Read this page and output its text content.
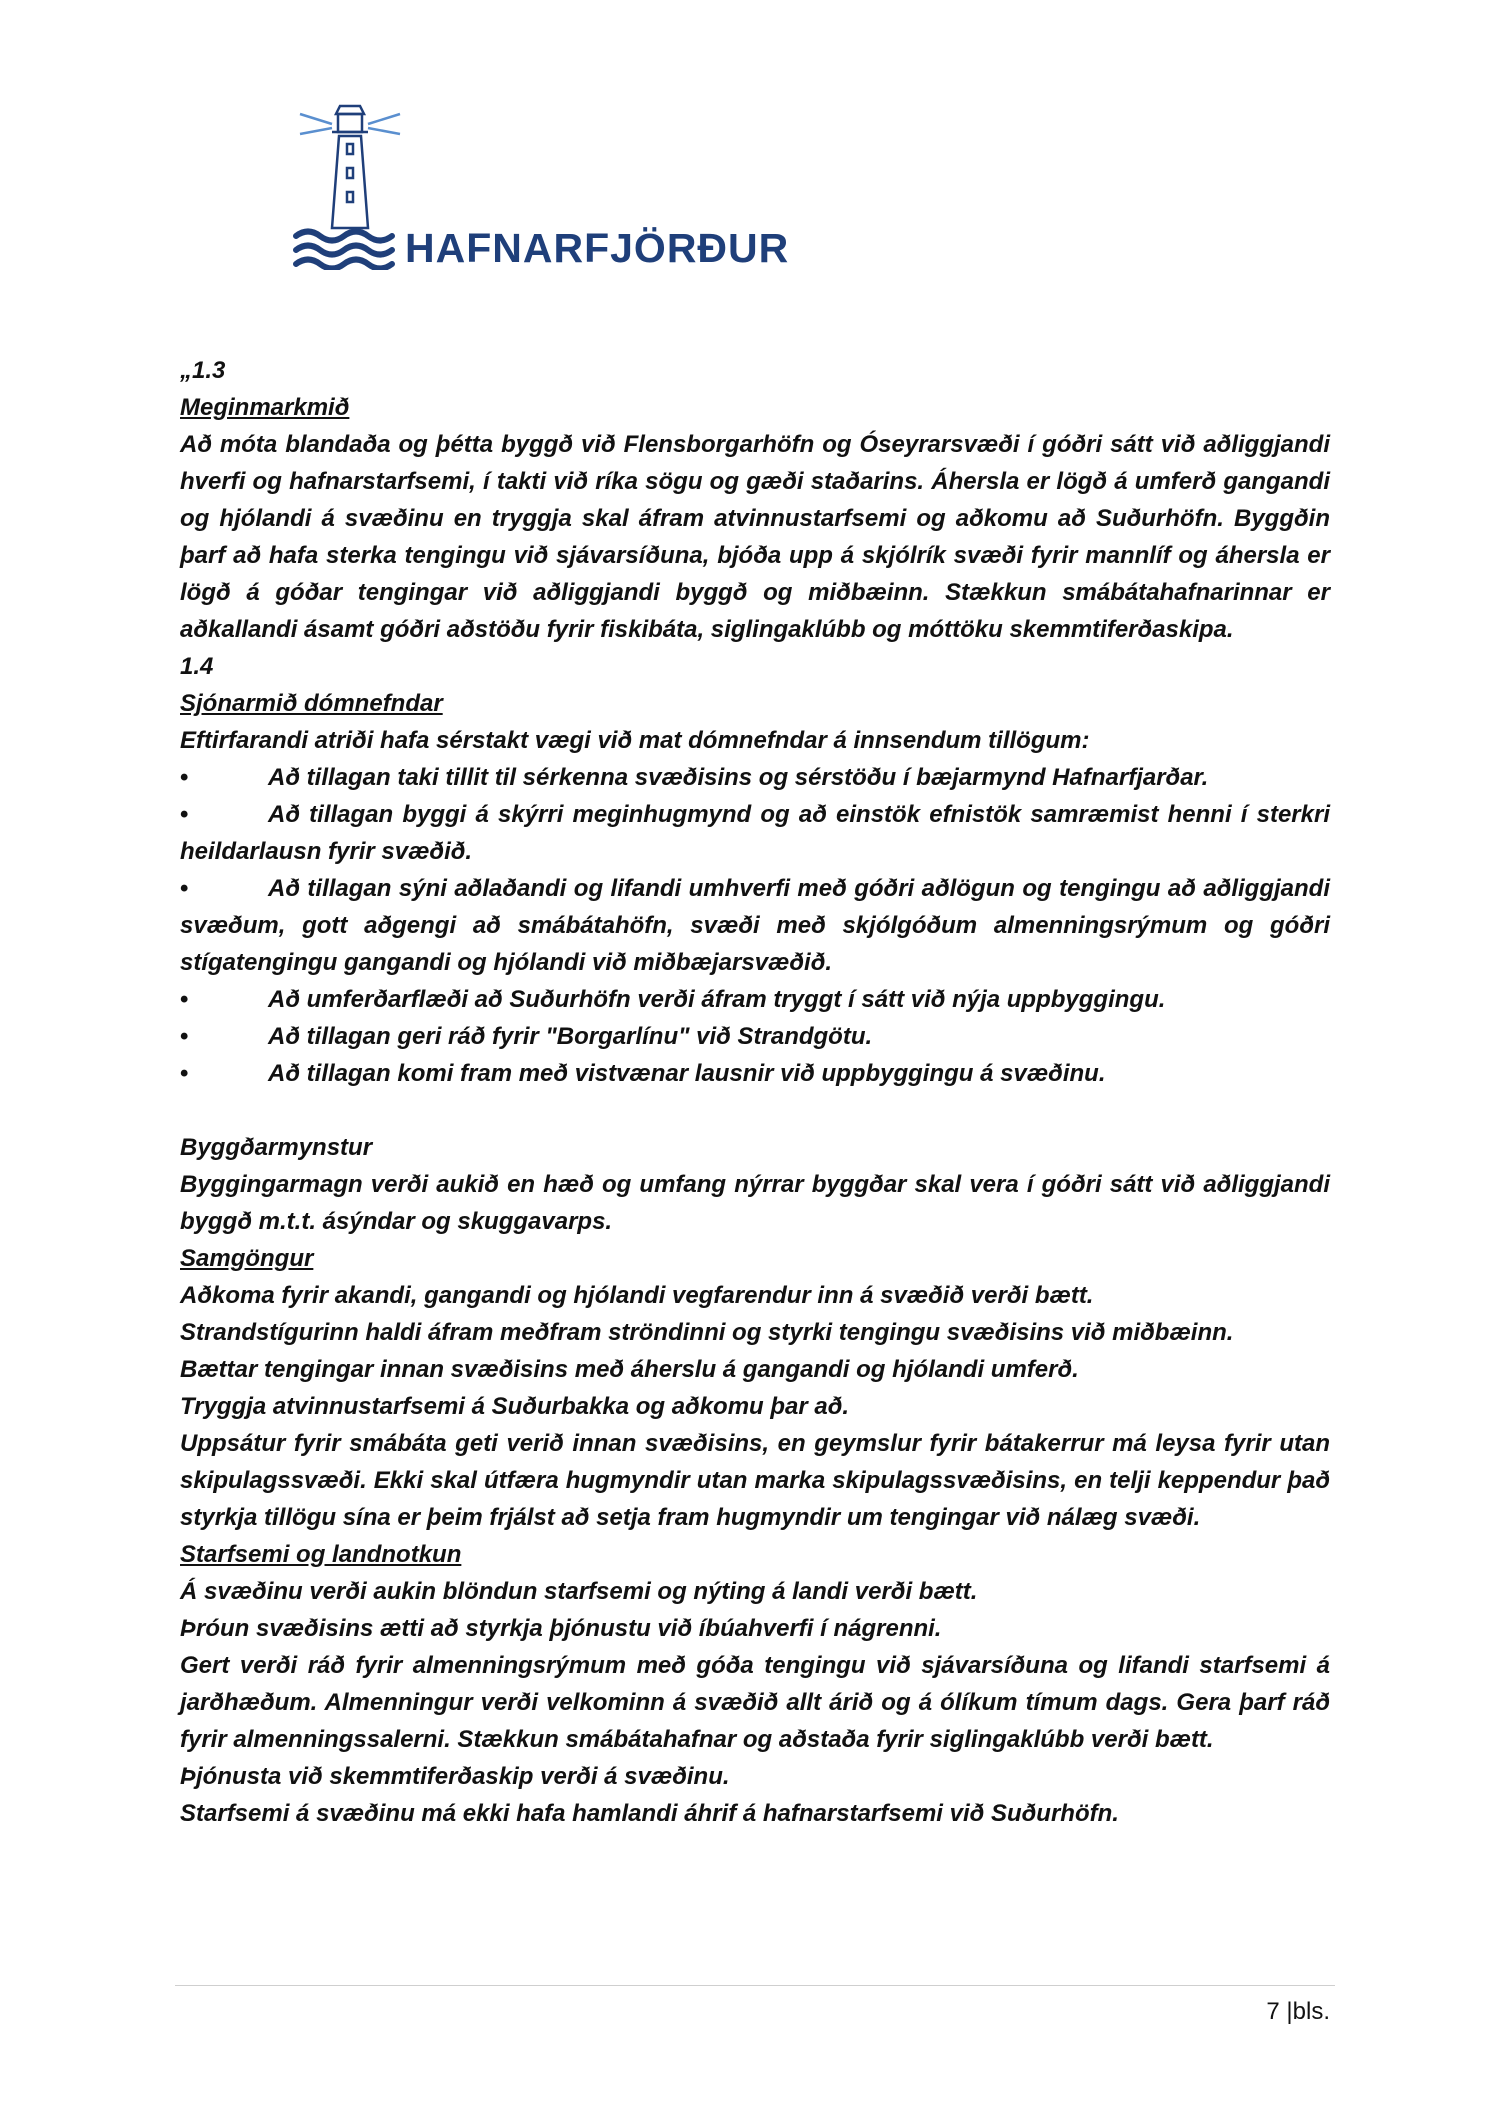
HAFNARFJÖRÐUR

„1.3

Meginmarkmið

Að móta blandaða og þétta byggð við Flensborgarhöfn og Óseyrarsvæði í góðri sátt við aðliggjandi hverfi og hafnarstarfsemi, í takti við ríka sögu og gæði staðarins. Áhersla er lögð á umferð gangandi og hjólandi á svæðinu en tryggja skal áfram atvinnustarfsemi og aðkomu að Suðurhöfn. Byggðin þarf að hafa sterka tengingu við sjávarsíðuna, bjóða upp á skjólrík svæði fyrir mannlíf og áhersla er lögð á góðar tengingar við aðliggjandi byggð og miðbæinn. Stækkun smábátahafnarinnar er aðkallandi ásamt góðri aðstöðu fyrir fiskibáta, siglingaklúbb og móttöku skemmtiferðaskipa.

1.4

Sjónarmið dómnefndar

Eftirfarandi atriði hafa sérstakt vægi við mat dómnefndar á innsendum tillögum:

•	Að tillagan taki tillit til sérkenna svæðisins og sérstöðu í bæjarmynd Hafnarfjarðar.

•	Að tillagan byggi á skýrri meginhugmynd og að einstök efnistök samræmist henni í sterkri heildarlausn fyrir svæðið.

•	Að tillagan sýni aðlaðandi og lifandi umhverfi með góðri aðlögun og tengingu að aðliggjandi svæðum, gott aðgengi að smábátahöfn, svæði með skjólgóðum almenningsrýmum og góðri stígatengingu gangandi og hjólandi við miðbæjarsvæðið.

•	Að umferðarflæði að Suðurhöfn verði áfram tryggt í sátt við nýja uppbyggingu.

•	Að tillagan geri ráð fyrir "Borgarlínu" við Strandgötu.

•	Að tillagan komi fram með vistvænar lausnir við uppbyggingu á svæðinu.

Byggðarmynstur

Byggingarmagn verði aukið en hæð og umfang nýrrar byggðar skal vera í góðri sátt við aðliggjandi byggð m.t.t. ásýndar og skuggavarps.

Samgöngur

Aðkoma fyrir akandi, gangandi og hjólandi vegfarendur inn á svæðið verði bætt.

Strandstígurinn haldi áfram meðfram ströndinni og styrki tengingu svæðisins við miðbæinn.

Bættar tengingar innan svæðisins með áherslu á gangandi og hjólandi umferð.

Tryggja atvinnustarfsemi á Suðurbakka og aðkomu þar að.

Uppsátur fyrir smábáta geti verið innan svæðisins, en geymslur fyrir bátakerrur má leysa fyrir utan skipulagssvæði. Ekki skal útfæra hugmyndir utan marka skipulagssvæðisins, en telji keppendur það styrkja tillögu sína er þeim frjálst að setja fram hugmyndir um tengingar við nálæg svæði.

Starfsemi og landnotkun

Á svæðinu verði aukin blöndun starfsemi og nýting á landi verði bætt.

Þróun svæðisins ætti að styrkja þjónustu við íbúahverfi í nágrenni.

Gert verði ráð fyrir almenningsrýmum með góða tengingu við sjávarsíðuna og lifandi starfsemi á jarðhæðum. Almenningur verði velkominn á svæðið allt árið og á ólíkum tímum dags. Gera þarf ráð fyrir almenningssalerni. Stækkun smábátahafnar og aðstaða fyrir siglingaklúbb verði bætt.

Þjónusta við skemmtiferðaskip verði á svæðinu.

Starfsemi á svæðinu má ekki hafa hamlandi áhrif á hafnarstarfsemi við Suðurhöfn.

7 |bls.
